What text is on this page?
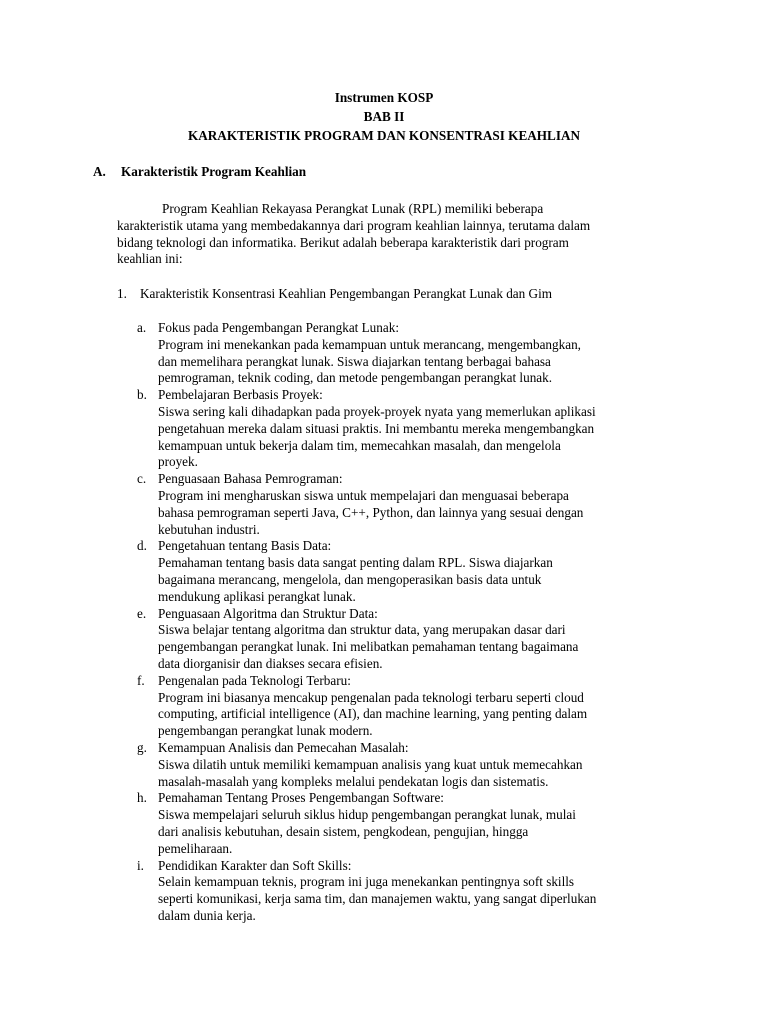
Instrumen KOSP
BAB II
KARAKTERISTIK PROGRAM DAN KONSENTRASI KEAHLIAN
A. Karakteristik Program Keahlian
Program Keahlian Rekayasa Perangkat Lunak (RPL) memiliki beberapa
karakteristik utama yang membedakannya dari program keahlian lainnya, terutama dalam
bidang teknologi dan informatika. Berikut adalah beberapa karakteristik dari program
keahlian ini:
1. Karakteristik Konsentrasi Keahlian Pengembangan Perangkat Lunak dan Gim
a. Fokus pada Pengembangan Perangkat Lunak:
Program ini menekankan pada kemampuan untuk merancang, mengembangkan,
dan memelihara perangkat lunak. Siswa diajarkan tentang berbagai bahasa
pemrograman, teknik coding, dan metode pengembangan perangkat lunak.
b. Pembelajaran Berbasis Proyek:
Siswa sering kali dihadapkan pada proyek-proyek nyata yang memerlukan aplikasi
pengetahuan mereka dalam situasi praktis. Ini membantu mereka mengembangkan
kemampuan untuk bekerja dalam tim, memecahkan masalah, dan mengelola
proyek.
c. Penguasaan Bahasa Pemrograman:
Program ini mengharuskan siswa untuk mempelajari dan menguasai beberapa
bahasa pemrograman seperti Java, C++, Python, dan lainnya yang sesuai dengan
kebutuhan industri.
d. Pengetahuan tentang Basis Data:
Pemahaman tentang basis data sangat penting dalam RPL. Siswa diajarkan
bagaimana merancang, mengelola, dan mengoperasikan basis data untuk
mendukung aplikasi perangkat lunak.
e. Penguasaan Algoritma dan Struktur Data:
Siswa belajar tentang algoritma dan struktur data, yang merupakan dasar dari
pengembangan perangkat lunak. Ini melibatkan pemahaman tentang bagaimana
data diorganisir dan diakses secara efisien.
f. Pengenalan pada Teknologi Terbaru:
Program ini biasanya mencakup pengenalan pada teknologi terbaru seperti cloud
computing, artificial intelligence (AI), dan machine learning, yang penting dalam
pengembangan perangkat lunak modern.
g. Kemampuan Analisis dan Pemecahan Masalah:
Siswa dilatih untuk memiliki kemampuan analisis yang kuat untuk memecahkan
masalah-masalah yang kompleks melalui pendekatan logis dan sistematis.
h. Pemahaman Tentang Proses Pengembangan Software:
Siswa mempelajari seluruh siklus hidup pengembangan perangkat lunak, mulai
dari analisis kebutuhan, desain sistem, pengkodean, pengujian, hingga
pemeliharaan.
i. Pendidikan Karakter dan Soft Skills:
Selain kemampuan teknis, program ini juga menekankan pentingnya soft skills
seperti komunikasi, kerja sama tim, dan manajemen waktu, yang sangat diperlukan
dalam dunia kerja.
